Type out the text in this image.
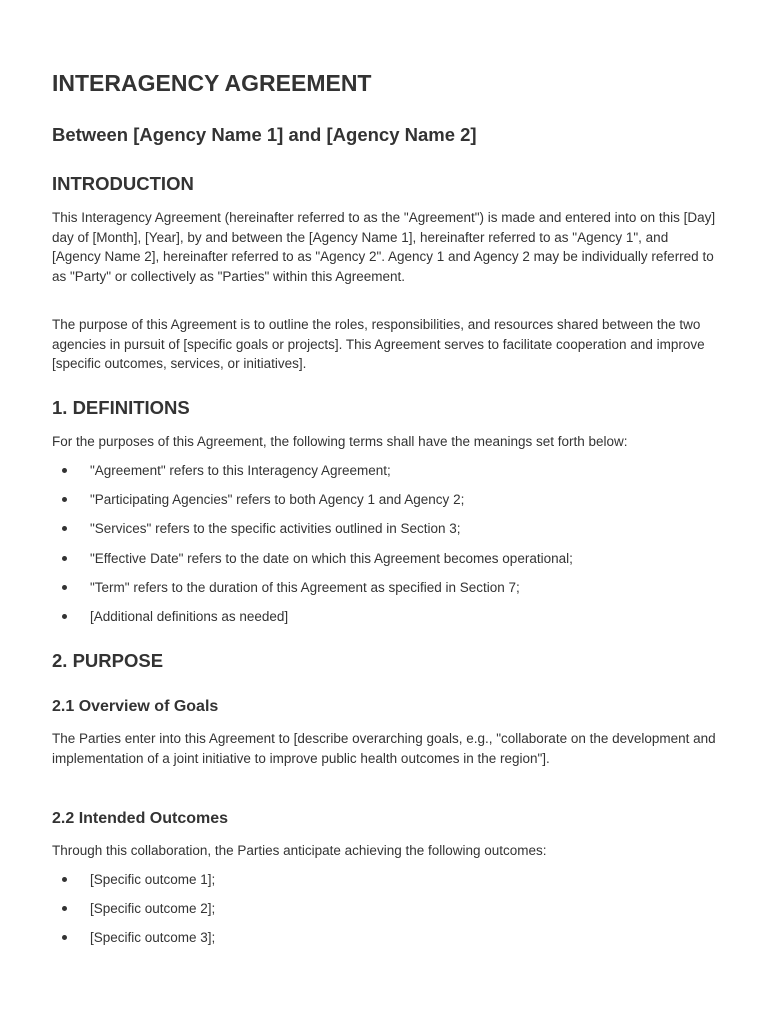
INTERAGENCY AGREEMENT
Between [Agency Name 1] and [Agency Name 2]
INTRODUCTION

This Interagency Agreement (hereinafter referred to as the "Agreement") is made and entered into on this [Day] day of [Month], [Year], by and between the [Agency Name 1], hereinafter referred to as "Agency 1", and [Agency Name 2], hereinafter referred to as "Agency 2". Agency 1 and Agency 2 may be individually referred to as "Party" or collectively as "Parties" within this Agreement.

The purpose of this Agreement is to outline the roles, responsibilities, and resources shared between the two agencies in pursuit of [specific goals or projects]. This Agreement serves to facilitate cooperation and improve [specific outcomes, services, or initiatives].

1. DEFINITIONS

For the purposes of this Agreement, the following terms shall have the meanings set forth below:

"Agreement" refers to this Interagency Agreement;
"Participating Agencies" refers to both Agency 1 and Agency 2;
"Services" refers to the specific activities outlined in Section 3;
"Effective Date" refers to the date on which this Agreement becomes operational;
"Term" refers to the duration of this Agreement as specified in Section 7;
[Additional definitions as needed]
2. PURPOSE
2.1 Overview of Goals

The Parties enter into this Agreement to [describe overarching goals, e.g., "collaborate on the development and implementation of a joint initiative to improve public health outcomes in the region"].

2.2 Intended Outcomes

Through this collaboration, the Parties anticipate achieving the following outcomes:

[Specific outcome 1];
[Specific outcome 2];
[Specific outcome 3];
